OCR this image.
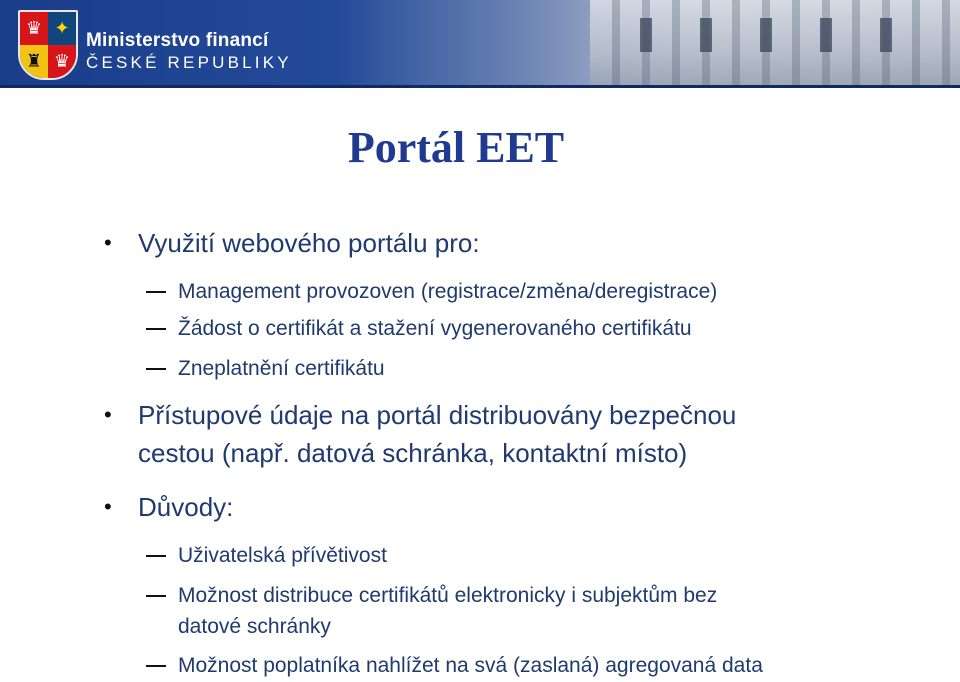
♛ ✦
♜ ♛
Ministerstvo financí
ČESKÉ REPUBLIKY
Portál EET
•	Využití webového portálu pro:
Management provozoven (registrace/změna/deregistrace)
Žádost o certifikát a stažení vygenerovaného certifikátu
Zneplatnění certifikátu
•	Přístupové údaje na portál distribuovány bezpečnou
cestou (např. datová schránka, kontaktní místo)
•	Důvody:
Uživatelská přívětivost
Možnost distribuce certifikátů elektronicky i subjektům bez
datové schránky
Možnost poplatníka nahlížet na svá (zaslaná) agregovaná data
